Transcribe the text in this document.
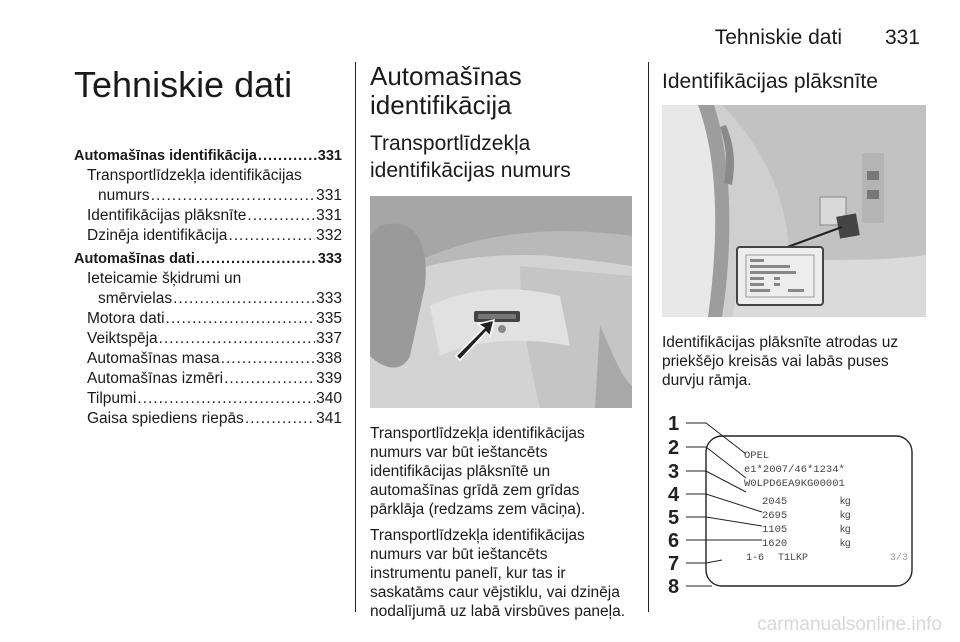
Tehniskie dati 331
Tehniskie dati
Automašīnas identifikācija .....	331
Transportlīdzekļa identifikācijas
numurs .....	331
Identifikācijas plāksnīte .....	331
Dzinēja identifikācija .....	332
Automašīnas dati .....	333
Ieteicamie šķidrumi un
smērvielas .....	333
Motora dati .....	335
Veiktspēja .....	337
Automašīnas masa .....	338
Automašīnas izmēri .....	339
Tilpumi .....	340
Gaisa spiediens riepās .....	341
Automašīnas
identifikācija
Transportlīdzekļa
identifikācijas numurs

Transportlīdzekļa identifikācijas numurs var būt ieštancēts identifikācijas plāksnītē un automašīnas grīdā zem grīdas pārklāja (redzams zem vāciņa).

Transportlīdzekļa identifikācijas numurs var būt ieštancēts instrumentu panelī, kur tas ir saskatāms caur vējstiklu, vai dzinēja nodalījumā uz labā virsbūves paneļa.

Identifikācijas plāksnīte

Identifikācijas plāksnīte atrodas uz priekšējo kreisās vai labās puses durvju rāmja.

1
2
3
4
5
6
7
8
OPEL
e1*2007/46*1234*
W0LPD6EA9KG00001
2045
2695
1105
1620
kg
kg
kg
kg
1-6 T1LKP	3/3
carmanualsonline.info
